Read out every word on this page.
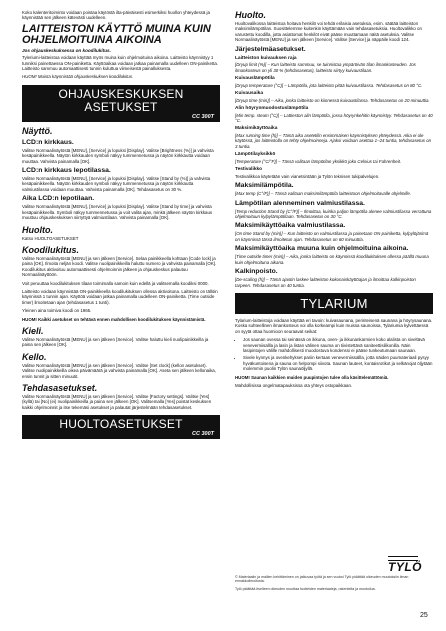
Koko kalenteritoiminto voidaan poistaa käytöstä ilta-päiväisesti esimerkiksi huollon yhteydessä ja käynnistää sen jälkeen kätevästi uudelleen.

LAITTEISTON KÄYTTÖ MUINA KUIN OHJELMOITUINA AIKOINA
Jos ohjauskeskuksessa on koodilukitus.

Tyleriumi-laitteistoa voidaan käyttää myös muina kuin ohjelmoituina aikoina. Laitteisto käynnistyy 1 tunniksi painettaessa ON-painiketta. Käyttöaikaa voidaan jatkaa painamalla uudelleen ON-painiketta. Laitteisto sammuu automaattisesti tunnin kuluttua viimeisestä painalluksesta.

HUOM! Muista käynnistää ohjauskeskuksen koodilukitus.

OHJAUSKESKUKSEN ASETUKSET
CC 300T
Näyttö.
LCD:n kirkkaus.

Valitse Normaalinäytöstä [MENU], [Service] ja lopuksi [Display]. Valitse [Brightness (%)] ja vahvista kesäpainikkeella. Näytön kirkkauden symboli näkyy tummennetussa ja näytön kirkkautta voidaan muuttaa. Vahvista painamalla [OK].

LCD:n kirkkaus lepotilassa.

Valitse Normaalinäytöstä [MENU], [Service] ja lopuksi [Display]. Valitse [Stand by (%)] ja vahvista kesäpainikkeella. Näytön kirkkauden symboli näkyy tummennetussa ja näytön kirkkautta valmiustilassa voidaan muuttaa. Vahvista painamalla [OK]. Tehdasasetus on 30 %.

Aika LCD:n lepotilaan.

Valitse Normaalinäytöstä [MENU], [Service] ja lopuksi [Display]. Valitse [Stand by time] ja vahvista kesäpainikkeella. Symboli näkyy tummennetussa ja voit valita ajan, minkä jälkeen näytön kirkkaus muuttuu ohjauskeskuksen siirryttyä valmiustilaan. Vahvista painamalla [OK].

Huolto.

Katso HUOLTOASETUKSET

Koodilukitus.

Valitse Normaalinäytöstä [MENU] ja sen jälkeen [Service]. Selaa painikkeella kohtaan [Code lock] ja paina [OK]. Ilmoita neljän koodi. Valitse nuolipainikkeilla haluttu numero ja vahvista painamalla [OK]. Koodilukitus aktivoituu automaattisesti ohjelmoinnin jälkeen ja ohjauskeskus palautuu Normaalinäyttöön.

Voit peruuttaa koodilukituksen tilaan toimimalla samoin kuin edellä ja valitsemalla koodiksi 0000.

Laitteisto voidaan käynnistää ON-painikkeella koodilukituksen ollessa aktivoituna. Laitteisto on tällöin käynnissä 1 tunnin ajan. Käyttöä voidaan jatkaa painamalla uudelleen ON-painiketta. (Time outside timer) ilmoitetaan ajan (tehdasasetus 1 tunti).

Yleinen aina toimiva koodi on 1965.

HUOM! Kaikki asetukset on tehtävä ennen mahdollisen koodilukituksen käynnistämistä.

Kieli.

Valitse Normaalinäytöstä [MENU] ja sen jälkeen [Service]. Valitse haluttu kieli nuolipainikkeilla ja paina sen jälkeen [OK].

Kello.

Valitse Normaalinäytöstä [MENU] ja sen jälkeen [Service]. Valitse [Set clock] (kellon asetukset). Valitse nuolipainikkeilla oikea päivämäärä ja vahvista painamalla [OK]. Aseta sen jälkeen kellonaika, ensin tunnit ja sitten minuutit.

Tehdasasetukset.

Valitse Normaalinäytöstä [MENU] ja sen jälkeen [Service]. Valitse [Factory settings]. Valitse [Yes] (kyllä) tai [No] (ei) nuolipainikkeilla ja paina sen jälkeen [OK]. Valitsemalla [Yes] poistat keskuksen kaikki ohjelmoinnit ja itse tekemäsi asetukset ja palautat järjestelmään tehdasasetukset.

HUOLTOASETUKSET
CC 300T
Huolto.

Huoltovalikossa laitteistoa hoitava henkilö voi tehdä erilaisia asetuksia, esim. säätää laitteiston maksimilämpötilan. Suosittelemme kuitenkin käyttämään vain tehdasasetuksia. Huoltovalikko on varustettu koodilla, jotta asiattomat henkilöt eivät pääse muuttamaan näitä asetuksia. Valitse Normaalinäytöstä [MENU] ja sen jälkeen [Service]. Valitse [Service] ja näppäile koodi 124.

Järjestelmäasetukset.
Laitteiston kuivauksen raja

[Dryup limit (%)] – Kun laitteisto sammuu, se tuinnistaa ympäröivän tilan ilmankosteuden. Jos ilmankosteus on yli 30 % (tehdasasetus), laitteisto siirtyy kuivaustilaan.

Kuivauslämpötila

[Dryup temperature (°C)] – Lämpötila, jota laitteisto pitää kuivaustilassa. Tehdasasetus on 80 °C.

Kuivausaika

[Dryup time (min)] – Aika, jonka laitteisto on kiinnessä kuivaustilassa. Tehdasasetus on 20 minuuttia.

Alin höyrynmuodostuslämpötila

[Min temp. steam (°C)] – Lattieston alin lämpötila, jossa höyrynkehitin käynnistyy. Tehdasasetus on 40 °C.

Maksimikäyttöaika

[Max running time (h)] – Tämä aika asetetilin ensimmäisen käynnistyksen yhteydessä. Aika ei ole käytössä, jos laitteistolla on tehty ohjelmoinneja. Ajaksi voidaan asettaa 1–24 tuntia, tehdasasetus on 3 tuntia.

Lämpötilayksikkö

[Temperature (°C/°F)] – Tässä valitaan lämpötilan yksikkö joko Celsius tai Fahrenheit.

Testivalikko

Testivalikkoa käytetään vain vianetsintään ja Tylön teknisen tukipalvelujen.

Maksimilämpötila.

[Max temp (C°/F)] – Tässä valitaan maksimilämpötila laitteistoon ohjelmoitavalle ohjelmille.

Lämpötilan alenneminen valmiustilassa.

[Temp reduction Stand by (C°/F)] – Ilmoittaa, kuinka paljon lämpötila alenee valmiustilassa verrattuna ohjelmoituun kylpylämpötilaan. Tehdasasetus on 30 °C.

Maksimikäyttöaika valmiustilassa.

[On time Stand by (min)] – Kun laitteisto on valmiustilassa ja painetaan ON-painiketta, kylpylöjärimä on käynnissä tässä ilmoitetun ajan. Tehdasasetus on 60 minuuttia.

Maksimikäyttöaika muuna kuin ohjelmoituina aikoina.

[Time outside timer (min)] – Aika, jonka laitteisto on käynnissä koodilukituksen ollessa päällä muuna kuin ohjelmoituna aikana.

Kalkinpoisto.

[De-scaling (h)] – Tämä ajastin laskee laitteiston kokonaiskäyttöajan ja ilmoittaa kalkinpoiston tarpeen. Tehdasasetus on 40 tuntia.

TYLARIUM

Tylarium-laitteistoja voidaan käyttää eri tavoin: kuivasaunana, perinteisenä saunana ja höyrysaunana. Koska suhteellinen ilmankosteus voi olla korkeampi kuin muissa saunoissa, Tylariumia kylvettäessä on syytä ottaa huomioon seuraavat seikat:

• Jos saunan ovessa tai seinässä on ikkuna, oven- ja ikkunankarmien koko alalista on siveltävä veneverniisallla ja lasin ja listan välinen sauma on tiivistettävä saniteettisilikonilla. Näin lasipintojen välille mahdollisesti muodostuva kondenssi ei pääse tunkeutumaan saunaan.
• Sivele kynnys ja ovenkehykset pariin kertaan veneverniissallla, jotta näiden puumateriaali pysyy hyväkuntoisena ja sauna on helpompi siivota. Saunan lauteet, kontaisrotikot ja selkänojat öljytään molemmin puolin Tylön saunaöljyllä.

HUOM! Saunan kaikkien muiden puupintojen tulee olla käsittelemättömiä.

Mahdollisissa ongelmatapauksissa ota yhteys ostopaikkaan.

TYLÖ

© Materiaalin ja mallien kehittäminen on jatkuvaa työtä ja sen vuoksi Tylö pidättää oikeuden muutoksiin ilman ennakkoilmoitusta.

Tylö pidättää itselleen oikeuden muuttaa tuotteiden materiaaleja, rakenteita ja muotoilua.

25
